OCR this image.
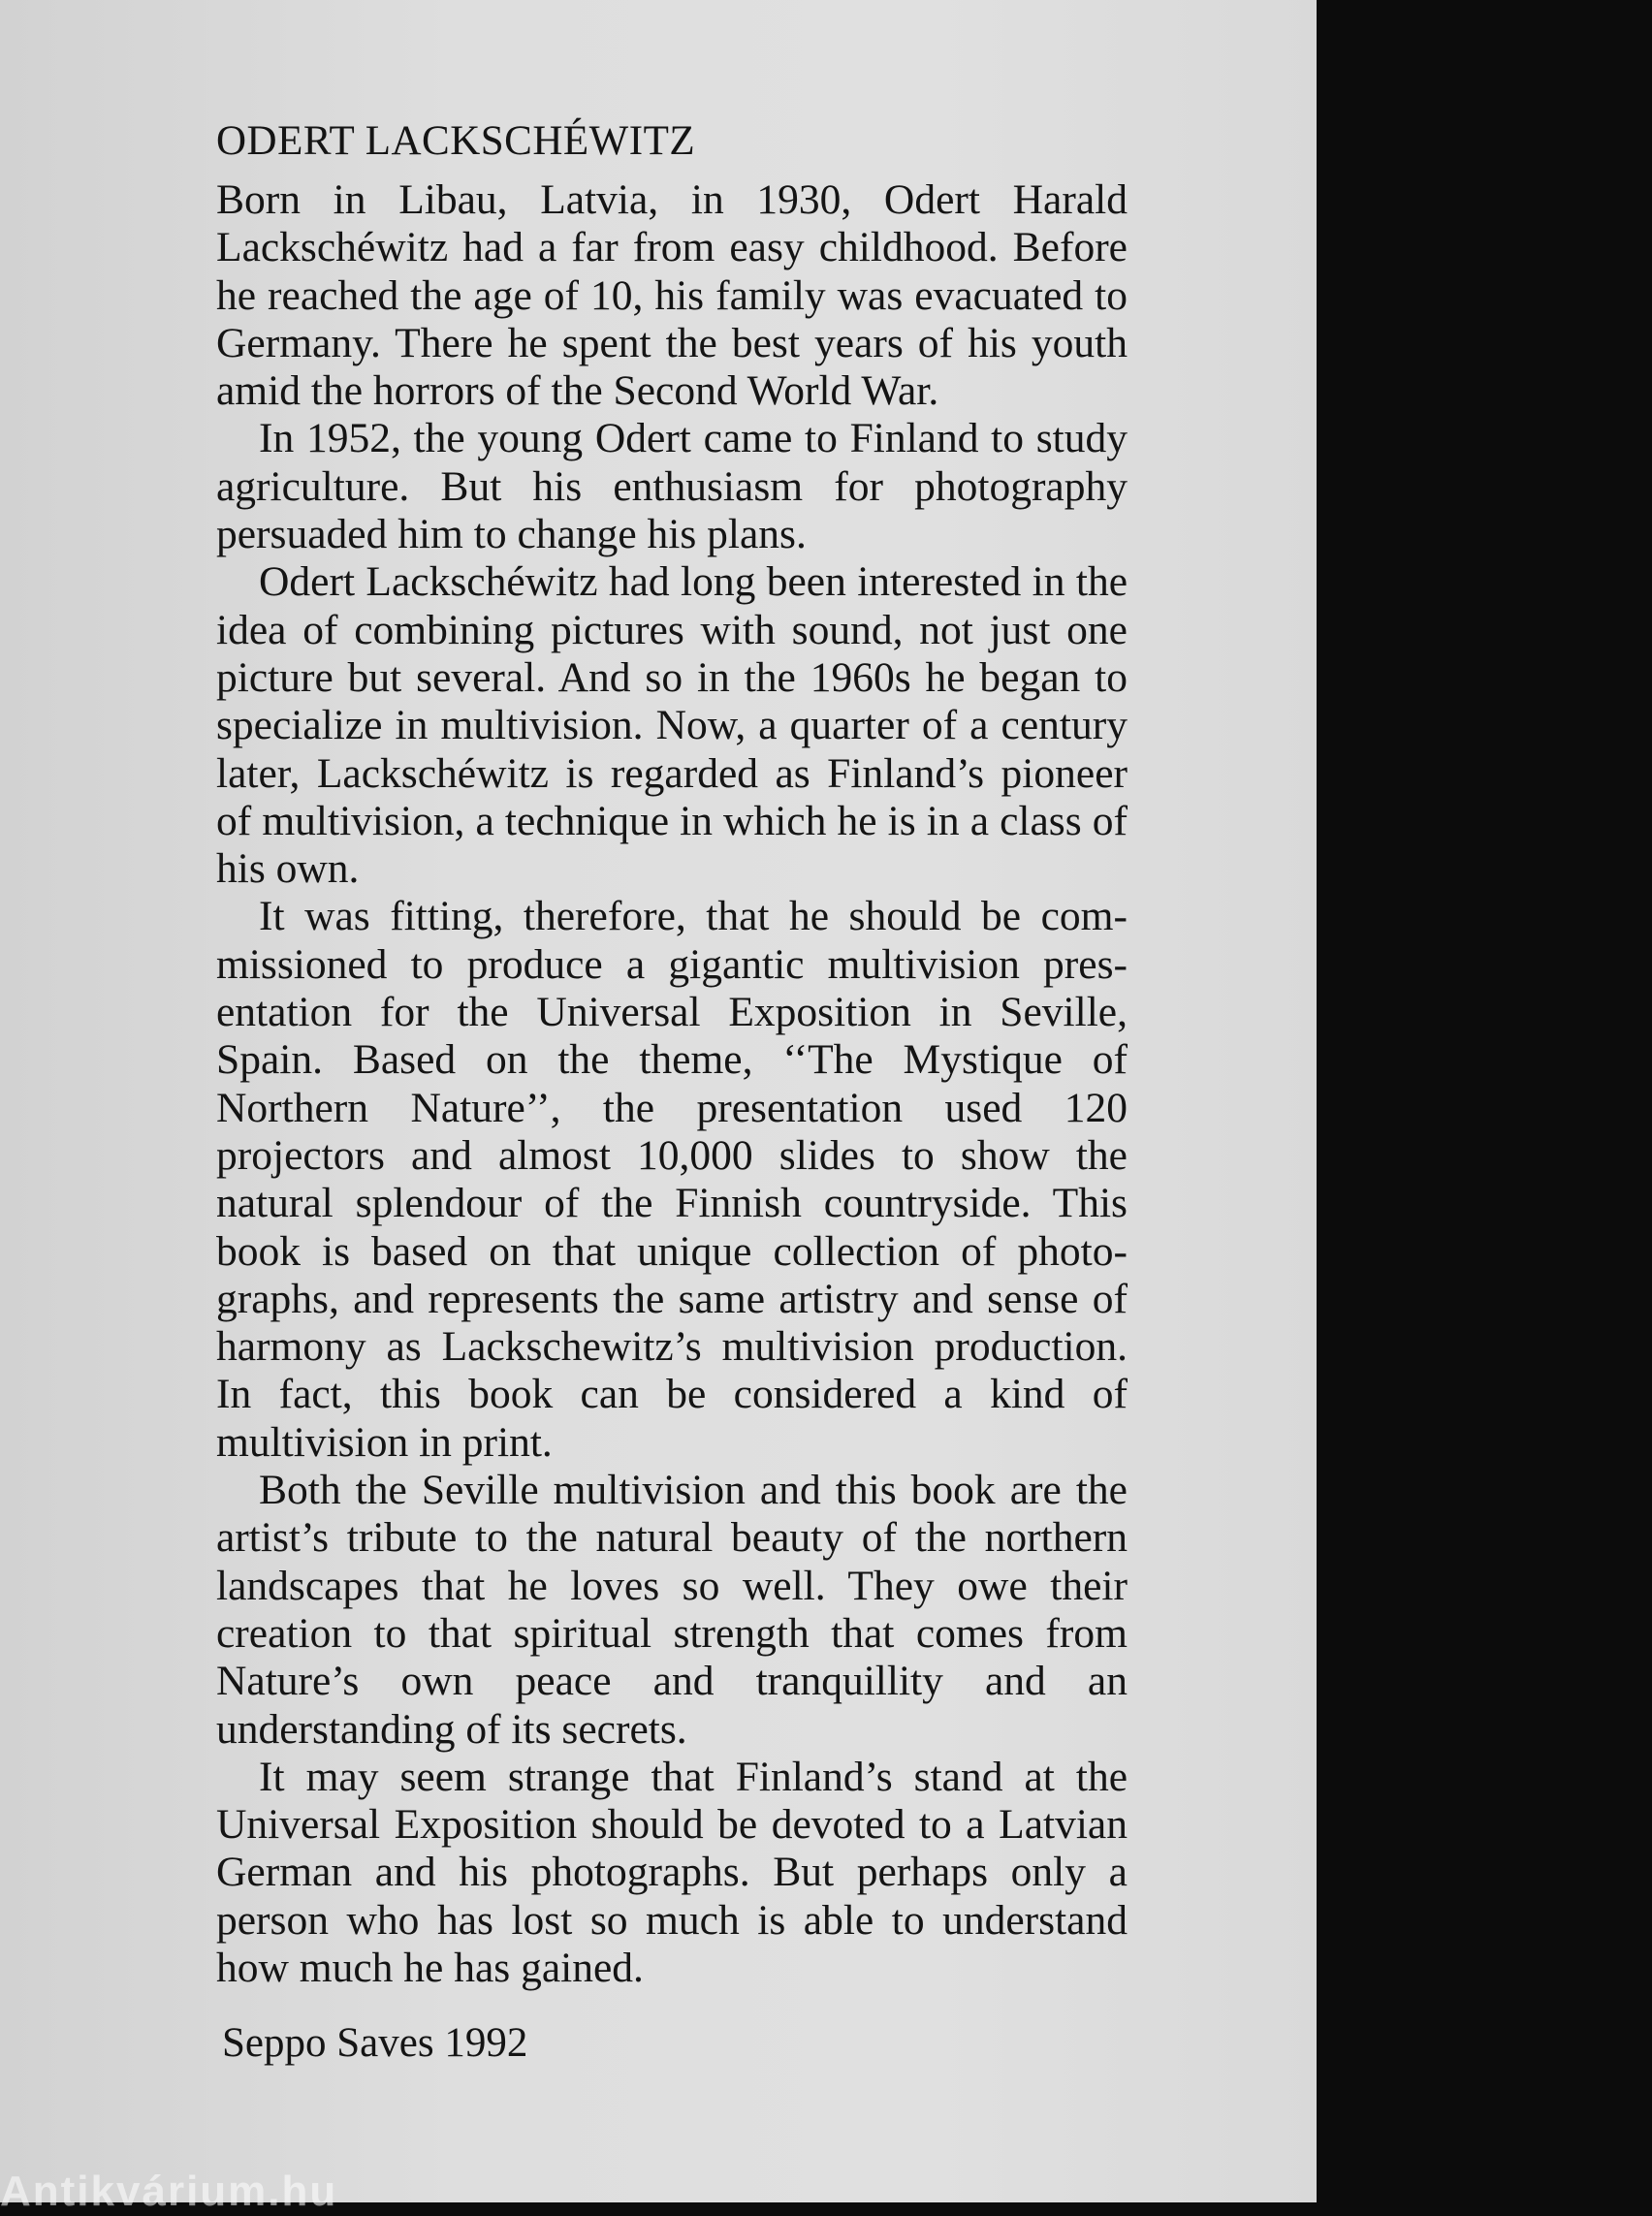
ODERT LACKSCHÉWITZ

Born in Libau, Latvia, in 1930, Odert Harald Lackschéwitz had a far from easy childhood. Before he reached the age of 10, his family was evacuated to Germany. There he spent the best years of his youth amid the horrors of the Second World War.

In 1952, the young Odert came to Finland to study agriculture. But his enthusiasm for photography persuaded him to change his plans.

Odert Lackschéwitz had long been interested in the idea of combining pictures with sound, not just one picture but several. And so in the 1960s he began to specialize in multivision. Now, a quarter of a century later, Lackschéwitz is regarded as Finland’s pioneer of multivision, a technique in which he is in a class of his own.

It was fitting, therefore, that he should be commissioned to produce a gigantic multivision presentation for the Universal Exposition in Seville, Spain. Based on the theme, ‘‘The Mystique of Northern Nature’’, the presentation used 120 projectors and almost 10,000 slides to show the natural splendour of the Finnish countryside. This book is based on that unique collection of photographs, and represents the same artistry and sense of harmony as Lackschewitz’s multivision production. In fact, this book can be considered a kind of multivision in print.

Both the Seville multivision and this book are the artist’s tribute to the natural beauty of the northern landscapes that he loves so well. They owe their creation to that spiritual strength that comes from Nature’s own peace and tranquillity and an understanding of its secrets.

It may seem strange that Finland’s stand at the Universal Exposition should be devoted to a Latvian German and his photographs. But perhaps only a person who has lost so much is able to understand how much he has gained.

Seppo Saves 1992
Antikvárium.hu
